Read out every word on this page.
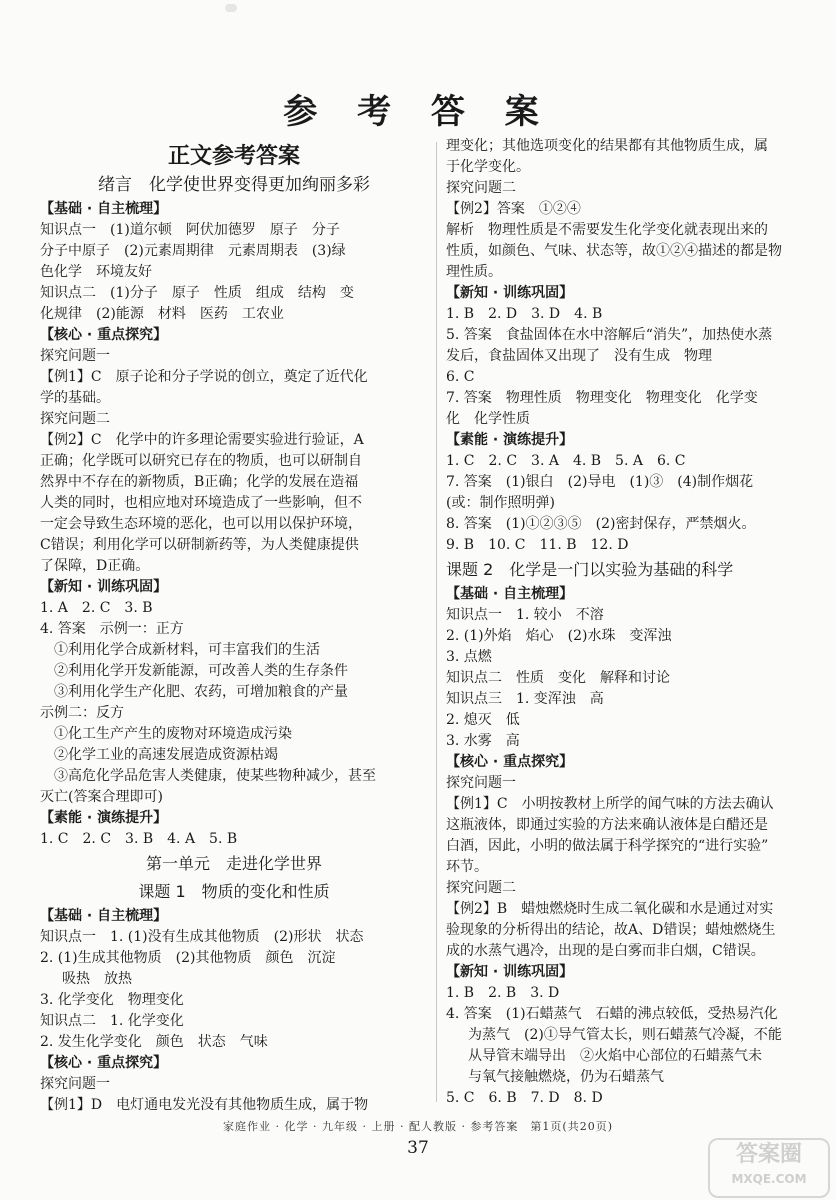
参 考 答 案
正文参考答案
绪言　化学使世界变得更加绚丽多彩
【基础 · 自主梳理】
知识点一　(1)道尔顿　阿伏加德罗　原子　分子
分子中原子　(2)元素周期律　元素周期表　(3)绿
色化学　环境友好
知识点二　(1)分子　原子　性质　组成　结构　变
化规律　(2)能源　材料　医药　工农业
【核心 · 重点探究】
探究问题一
【例1】C　原子论和分子学说的创立，奠定了近代化
学的基础。
探究问题二
【例2】C　化学中的许多理论需要实验进行验证，A
正确；化学既可以研究已存在的物质，也可以研制自
然界中不存在的新物质，B正确；化学的发展在造福
人类的同时，也相应地对环境造成了一些影响，但不
一定会导致生态环境的恶化，也可以用以保护环境，
C错误；利用化学可以研制新药等，为人类健康提供
了保障，D正确。
【新知 · 训练巩固】
1. A　2. C　3. B
4. 答案　示例一：正方
①利用化学合成新材料，可丰富我们的生活
②利用化学开发新能源，可改善人类的生存条件
③利用化学生产化肥、农药，可增加粮食的产量
示例二：反方
①化工生产产生的废物对环境造成污染
②化学工业的高速发展造成资源枯竭
③高危化学品危害人类健康，使某些物种减少，甚至
灭亡(答案合理即可)
【素能 · 演练提升】
1. C　2. C　3. B　4. A　5. B
第一单元　走进化学世界
课题 1　物质的变化和性质
【基础 · 自主梳理】
知识点一　1. (1)没有生成其他物质　(2)形状　状态
2. (1)生成其他物质　(2)其他物质　颜色　沉淀
吸热　放热
3. 化学变化　物理变化
知识点二　1. 化学变化
2. 发生化学变化　颜色　状态　气味
【核心 · 重点探究】
探究问题一
【例1】D　电灯通电发光没有其他物质生成，属于物
理变化；其他选项变化的结果都有其他物质生成，属
于化学变化。
探究问题二
【例2】答案　①②④
解析　物理性质是不需要发生化学变化就表现出来的
性质，如颜色、气味、状态等，故①②④描述的都是物
理性质。
【新知 · 训练巩固】
1. B　2. D　3. D　4. B
5. 答案　食盐固体在水中溶解后“消失”，加热使水蒸
发后，食盐固体又出现了　没有生成　物理
6. C
7. 答案　物理性质　物理变化　物理变化　化学变
化　化学性质
【素能 · 演练提升】
1. C　2. C　3. A　4. B　5. A　6. C
7. 答案　(1)银白　(2)导电　(1)③　(4)制作烟花
(或：制作照明弹)
8. 答案　(1)①②③⑤　(2)密封保存，严禁烟火。
9. B　10. C　11. B　12. D
课题 2　化学是一门以实验为基础的科学
【基础 · 自主梳理】
知识点一　1. 较小　不溶
2. (1)外焰　焰心　(2)水珠　变浑浊
3. 点燃
知识点二　性质　变化　解释和讨论
知识点三　1. 变浑浊　高
2. 熄灭　低
3. 水雾　高
【核心 · 重点探究】
探究问题一
【例1】C　小明按教材上所学的闻气味的方法去确认
这瓶液体，即通过实验的方法来确认液体是白醋还是
白酒，因此，小明的做法属于科学探究的“进行实验”
环节。
探究问题二
【例2】B　蜡烛燃烧时生成二氧化碳和水是通过对实
验现象的分析得出的结论，故A、D错误；蜡烛燃烧生
成的水蒸气遇冷，出现的是白雾而非白烟，C错误。
【新知 · 训练巩固】
1. B　2. B　3. D
4. 答案　(1)石蜡蒸气　石蜡的沸点较低，受热易汽化
为蒸气　(2)①导气管太长，则石蜡蒸气冷凝，不能
从导管末端导出　②火焰中心部位的石蜡蒸气未
与氧气接触燃烧，仍为石蜡蒸气
5. C　6. B　7. D　8. D
家庭作业 · 化学 · 九年级 · 上册 · 配人教版 · 参考答案　第1页(共20页)
37	答案圈
MXQE.COM
